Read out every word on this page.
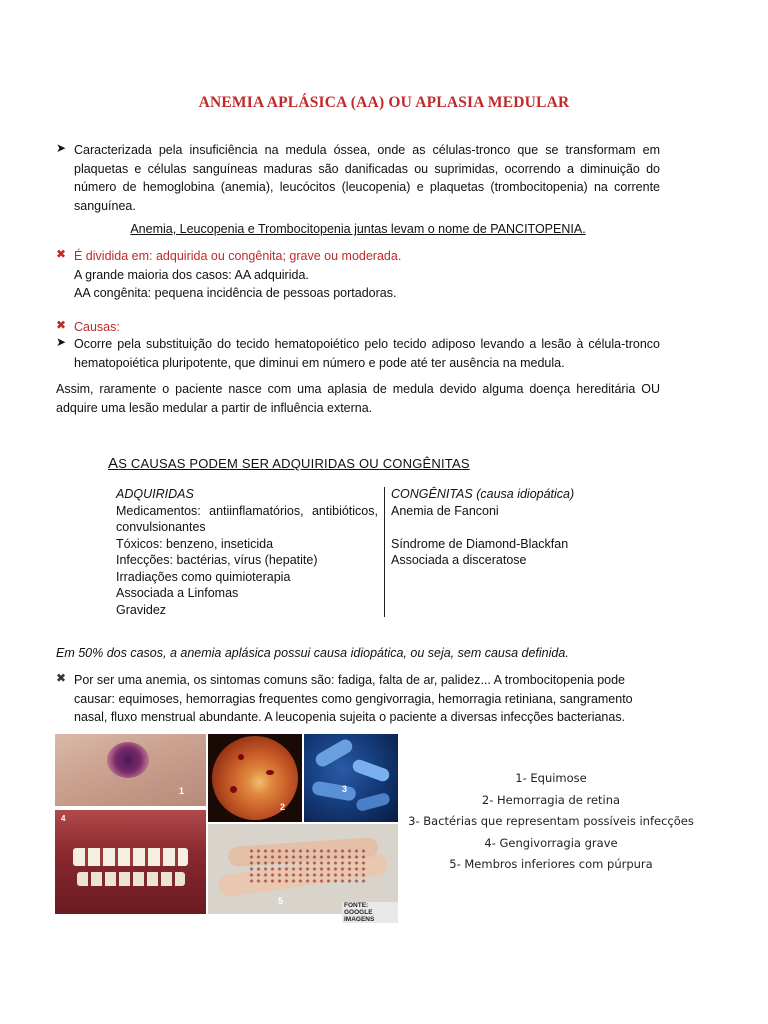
ANEMIA APLÁSICA (AA) OU APLASIA MEDULAR
➤ Caracterizada pela insuficiência na medula óssea, onde as células-tronco que se transformam em plaquetas e células sanguíneas maduras são danificadas ou suprimidas, ocorrendo a diminuição do número de hemoglobina (anemia), leucócitos (leucopenia) e plaquetas (trombocitopenia) na corrente sanguínea.
Anemia, Leucopenia e Trombocitopenia juntas levam o nome de PANCITOPENIA.
✖ É dividida em: adquirida ou congênita; grave ou moderada.
A grande maioria dos casos: AA adquirida.
AA congênita: pequena incidência de pessoas portadoras.
✖ Causas:
➤ Ocorre pela substituição do tecido hematopoiético pelo tecido adiposo levando a lesão à célula-tronco hematopoiética pluripotente, que diminui em número e pode até ter ausência na medula.
Assim, raramente o paciente nasce com uma aplasia de medula devido alguma doença hereditária OU adquire uma lesão medular a partir de influência externa.
AS CAUSAS PODEM SER ADQUIRIDAS OU CONGÊNITAS
ADQUIRIDAS
Medicamentos: antiinflamatórios, antibióticos, convulsionantes
Tóxicos: benzeno, inseticida
Infecções: bactérias, vírus (hepatite)
Irradiações como quimioterapia
Associada a Linfomas
Gravidez
CONGÊNITAS (causa idiopática)
Anemia de Fanconi
Síndrome de Diamond-Blackfan
Associada a disceratose
Em 50% dos casos, a anemia aplásica possui causa idiopática, ou seja, sem causa definida.
✖ Por ser uma anemia, os sintomas comuns são: fadiga, falta de ar, palidez... A trombocitopenia pode causar: equimoses, hemorragias frequentes como gengivorragia, hemorragia retiniana, sangramento nasal, fluxo menstrual abundante. A leucopenia sujeita o paciente a diversas infecções bacterianas.
1
2
3
4
5	FONTE: GOOGLE IMAGENS
1- Equimose
2- Hemorragia de retina
3- Bactérias que representam possíveis infecções
4- Gengivorragia grave
5- Membros inferiores com púrpura
